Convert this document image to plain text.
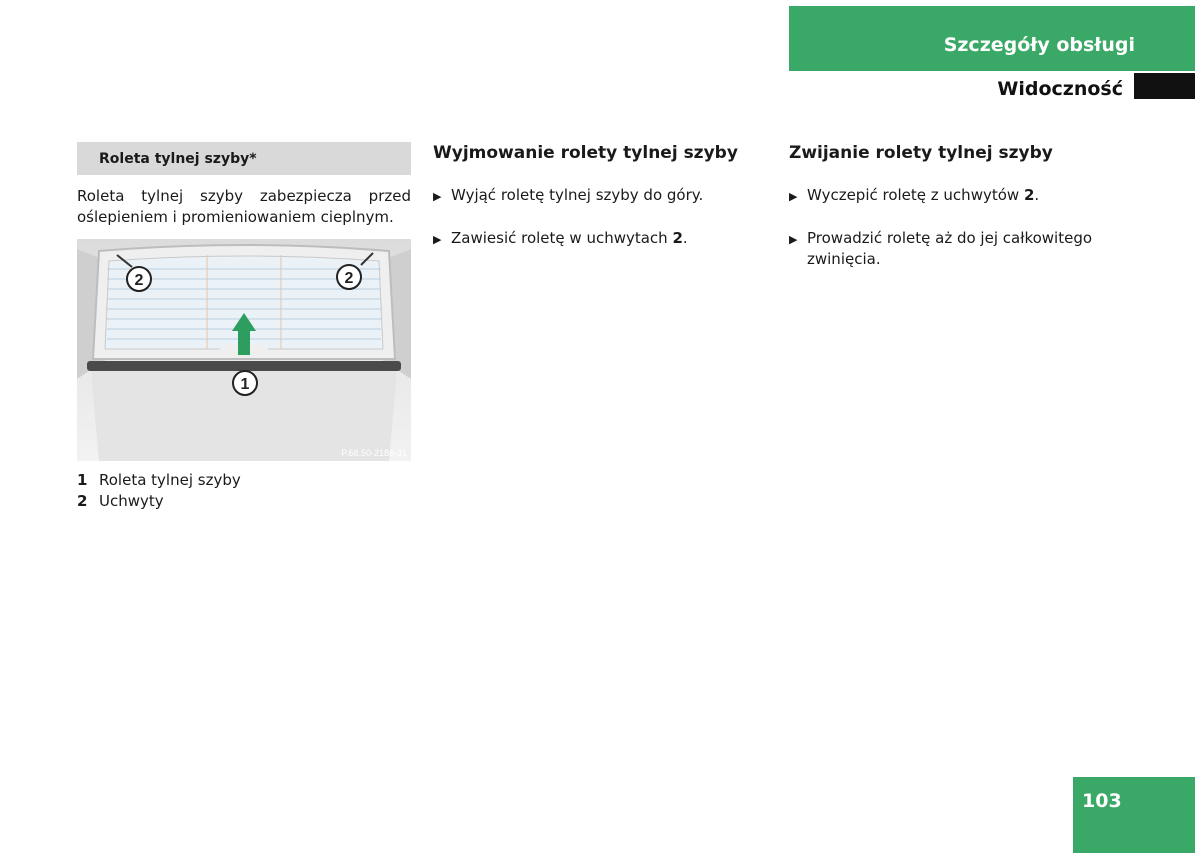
Szczegóły obsługi
Widoczność
Roleta tylnej szyby*
Roleta tylnej szyby zabezpiecza przed oślepieniem i promieniowaniem cieplnym.
2	2
1
P.68.50-2186-31
1 Roleta tylnej szyby
2 Uchwyty
Wyjmowanie rolety tylnej szyby
▶ Wyjąć roletę tylnej szyby do góry.
▶ Zawiesić roletę w uchwytach 2.
Zwijanie rolety tylnej szyby
▶ Wyczepić roletę z uchwytów 2.
▶ Prowadzić roletę aż do jej całkowitego zwinięcia.
103
